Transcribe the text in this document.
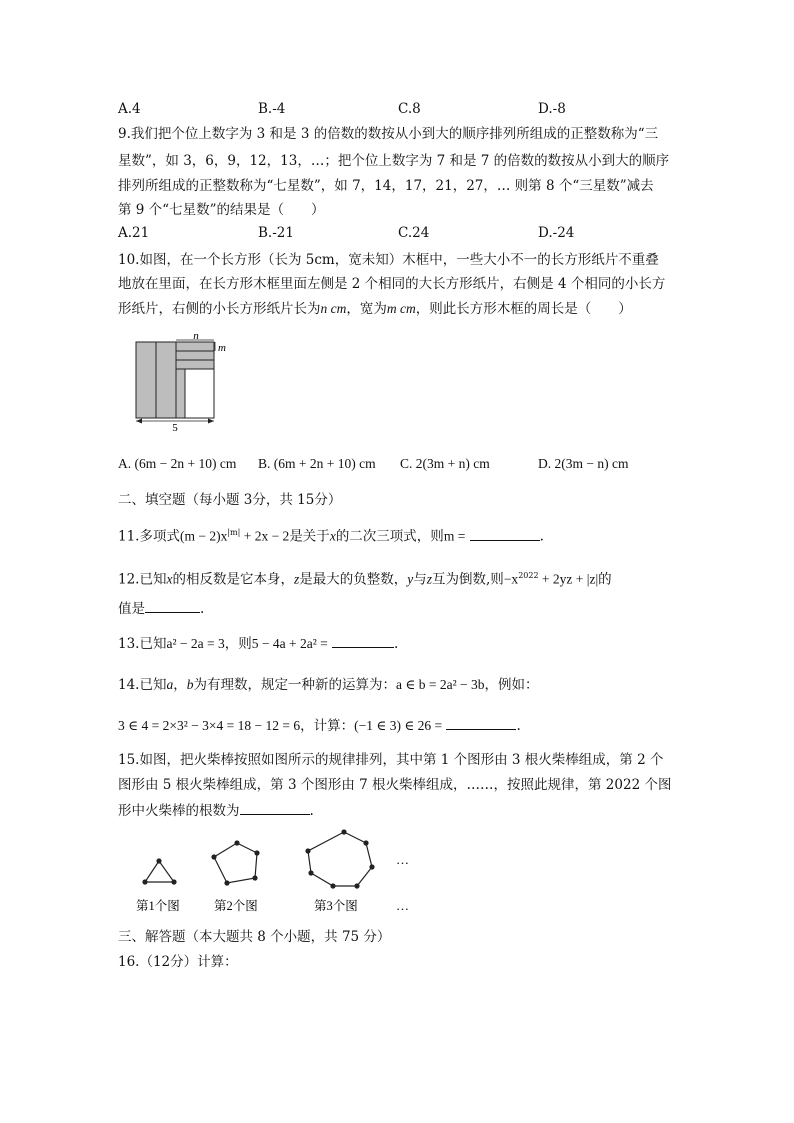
A.4	B.-4	C.8	D.-8
9.我们把个位上数字为 3 和是 3 的倍数的数按从小到大的顺序排列所组成的正整数称为“三
星数”，如 3，6，9，12，13，…；把个位上数字为 7 和是 7 的倍数的数按从小到大的顺序
排列所组成的正整数称为“七星数”，如 7，14，17，21，27，… 则第 8 个“三星数”减去
第 9 个“七星数”的结果是（　　）
A.21	B.-21	C.24	D.-24
10.如图，在一个长方形（长为 5cm，宽未知）木框中，一些大小不一的长方形纸片不重叠
地放在里面，在长方形木框里面左侧是 2 个相同的大长方形纸片，右侧是 4 个相同的小长方
形纸片，右侧的小长方形纸片长为n cm，宽为m cm，则此长方形木框的周长是（　　）
n
m
5
A. (6m − 2n + 10) cm B. (6m + 2n + 10) cm C. 2(3m + n) cm	D. 2(3m − n) cm
二、填空题（每小题 3分，共 15分）
11.多项式$(m - 2)x^{|m|} + 2x - 2$是关于x的二次三项式，则m =	.
12.已知x的相反数是它本身，z是最大的负整数，y与z互为倒数,则$-x^{2022} + 2yz + |z|$的
值是	.
13.已知a² − 2a = 3，则5 − 4a + 2a² =	.
14.已知a，b为有理数，规定一种新的运算为：a ∈ b = 2a² − 3b，例如：
3 ∈ 4 = 2×3² − 3×4 = 18 − 12 = 6，计算：(−1 ∈ 3) ∈ 26 =	.
15.如图，把火柴棒按照如图所示的规律排列，其中第 1 个图形由 3 根火柴棒组成，第 2 个
图形由 5 根火柴棒组成，第 3 个图形由 7 根火柴棒组成，……，按照此规律，第 2022 个图
形中火柴棒的根数为	.
…
第1个图	第2个图	第3个图	…
三、解答题（本大题共 8 个小题，共 75 分）
16.（12分）计算：
